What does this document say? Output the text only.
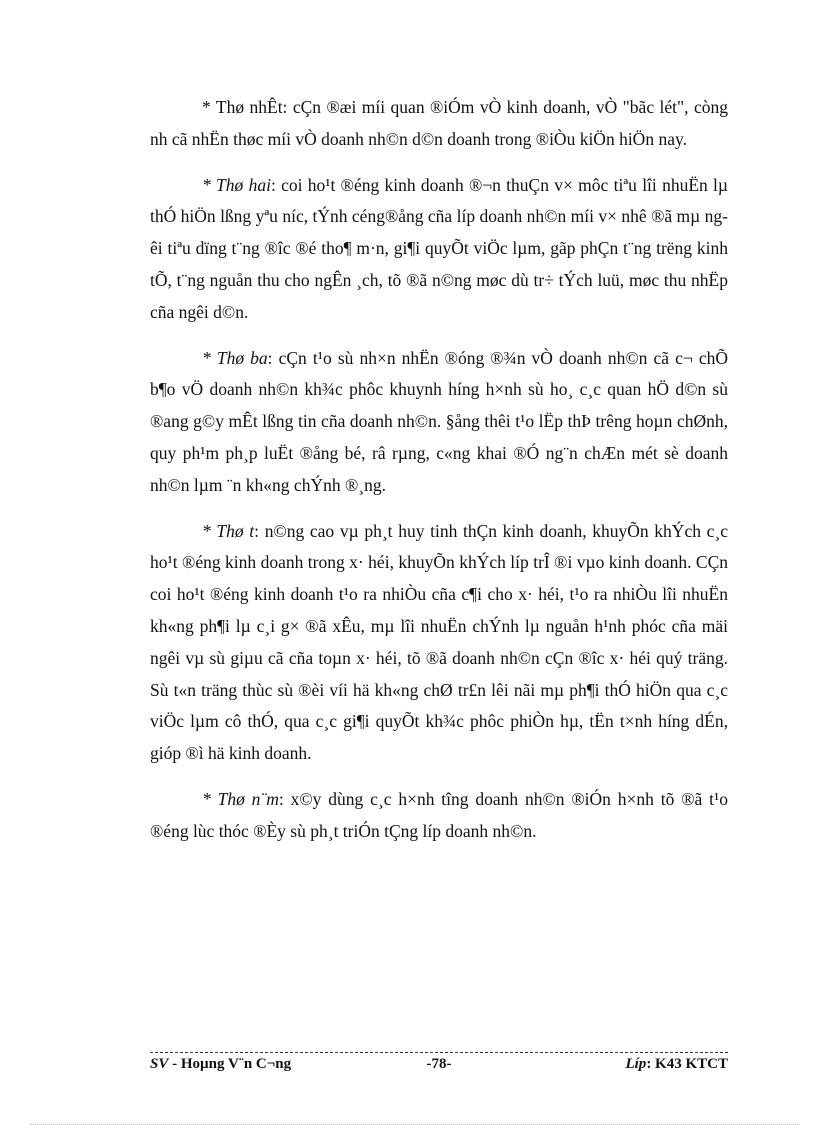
* Thø nhÊt: cÇn ®æi míi quan ®iÓm vÒ kinh doanh, vÒ "bãc lét", còng nh cã nhËn thøc míi vÒ doanh nh©n d©n doanh trong ®iÒu kiÖn hiÖn nay.

* Thø hai: coi ho¹t ®éng kinh doanh ®¬n thuÇn v× môc tiªu lîi nhuËn lµ thÓ hiÖn lßng yªu níc, tÝnh céng®ång cña líp doanh nh©n míi v× nhê ®ã mµ ngêi tiªu dïng t¨ng ®îc ®é tho¶ m·n, gi¶i quyÕt viÖc lµm, gãp phÇn t¨ng trëng kinh tÕ, t¨ng nguån thu cho ngÊn ¸ch, tõ ®ã n©ng møc dù tr÷ tÝch luü, møc thu nhËp cña ngêi d©n.

* Thø ba: cÇn t¹o sù nh×n nhËn ®óng ®¾n vÒ doanh nh©n cã c¬ chÕ b¶o vÖ doanh nh©n kh¾c phôc khuynh híng h×nh sù ho¸ c¸c quan hÖ d©n sù ®ang g©y mÊt lßng tin cña doanh nh©n. §ång thêi t¹o lËp thÞ trêng hoµn chØnh, quy ph¹m ph¸p luËt ®ång bé, râ rµng, c«ng khai ®Ó ng¨n chÆn mét sè doanh nh©n lµm ¨n kh«ng chÝnh ®¸ng.

* Thø t: n©ng cao vµ ph¸t huy tinh thÇn kinh doanh, khuyÕn khÝch c¸c ho¹t ®éng kinh doanh trong x· héi, khuyÕn khÝch líp trÎ ®i vµo kinh doanh. CÇn coi ho¹t ®éng kinh doanh t¹o ra nhiÒu cña c¶i cho x· héi, t¹o ra nhiÒu lîi nhuËn kh«ng ph¶i lµ c¸i g× ®ã xÊu, mµ lîi nhuËn chÝnh lµ nguån h¹nh phóc cña mäi ngêi vµ sù giµu cã cña toµn x· héi, tõ ®ã doanh nh©n cÇn ®îc x· héi quý träng. Sù t«n träng thùc sù ®èi víi hä kh«ng chØ tr£n lêi nãi mµ ph¶i thÓ hiÖn qua c¸c viÖc lµm cô thÓ, qua c¸c gi¶i quyÕt kh¾c phôc phiÒn hµ, tËn t×nh híng dÉn, gióp ®ì hä kinh doanh.

* Thø n¨m: x©y dùng c¸c h×nh tîng doanh nh©n ®iÓn h×nh tõ ®ã t¹o ®éng lùc thóc ®Èy sù ph¸t triÓn tÇng líp doanh nh©n.

SV - Hoµng V¨n C¬ng	-78-	Líp: K43 KTCT
